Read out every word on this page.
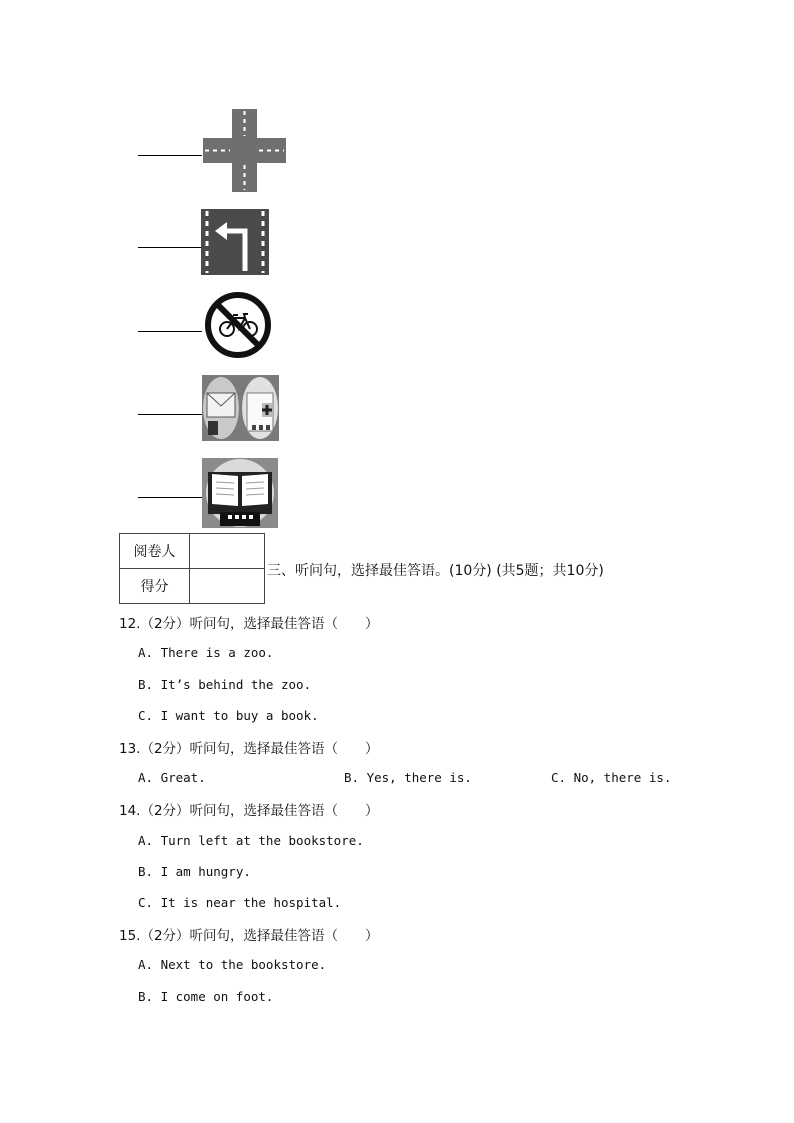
阅卷人	
得分	
三、听问句，选择最佳答语。(10分) (共5题；共10分)
12.（2分）听问句，选择最佳答语（　　）
A. There is a zoo.
B. It’s behind the zoo.
C. I want to buy a book.
13.（2分）听问句，选择最佳答语（　　）
A. Great.	B. Yes, there is.	C. No, there is.
14.（2分）听问句，选择最佳答语（　　）
A. Turn left at the bookstore.
B. I am hungry.
C. It is near the hospital.
15.（2分）听问句，选择最佳答语（　　）
A. Next to the bookstore.
B. I come on foot.
